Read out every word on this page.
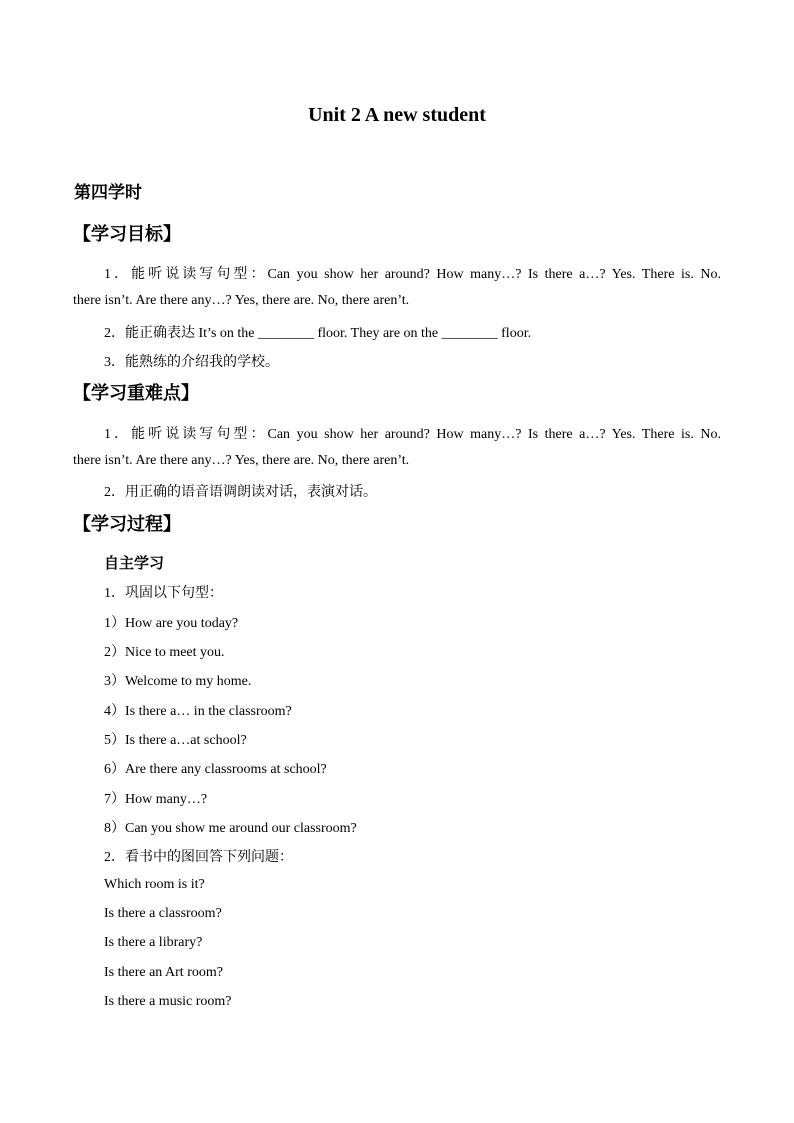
Unit 2 A new student
第四学时
【学习目标】
1．能听说读写句型：Can you show her around? How many…? Is there a…? Yes. There is. No.
there isn’t. Are there any…? Yes, there are. No, there aren’t.
2．能正确表达 It’s on the ________ floor. They are on the ________ floor.
3．能熟练的介绍我的学校。
【学习重难点】
1．能听说读写句型：Can you show her around? How many…? Is there a…? Yes. There is. No.
there isn’t. Are there any…? Yes, there are. No, there aren’t.
2．用正确的语音语调朗读对话，表演对话。
【学习过程】
自主学习
1．巩固以下句型：
1）How are you today?
2）Nice to meet you.
3）Welcome to my home.
4）Is there a… in the classroom?
5）Is there a…at school?
6）Are there any classrooms at school?
7）How many…?
8）Can you show me around our classroom?
2．看书中的图回答下列问题：
Which room is it?
Is there a classroom?
Is there a library?
Is there an Art room?
Is there a music room?
